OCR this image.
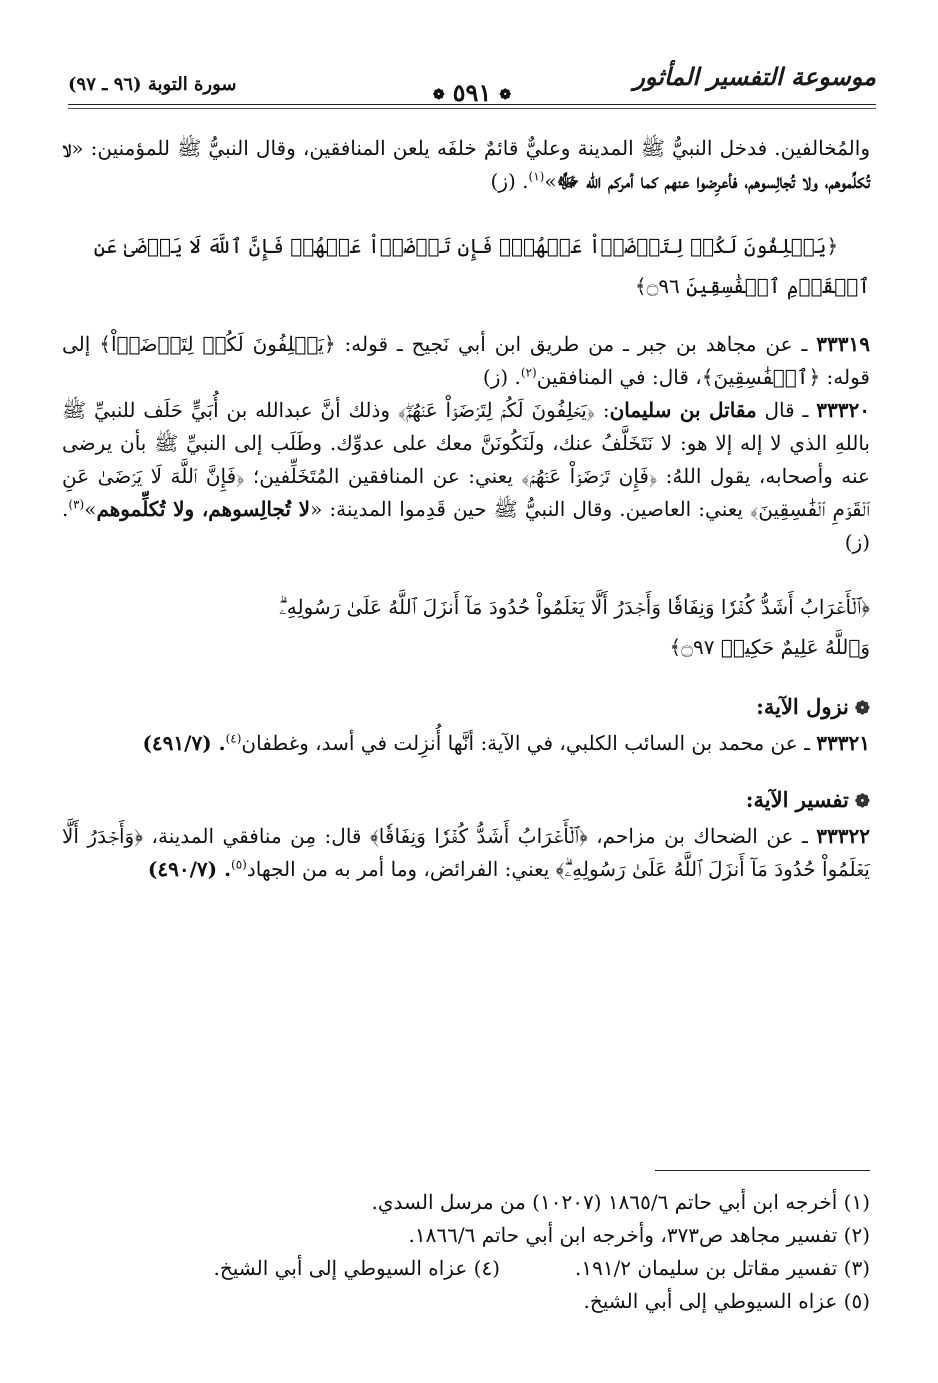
موسوعة التفسير المأثور
❁٥٩١❁
سورة التوبة (٩٦ ـ ٩٧)

والمُخالفين. فدخل النبيُّ ﷺ المدينة وعليٌّ قائمٌ خلفَه يلعن المنافقين، وقال النبيُّ ﷺ للمؤمنين: «لا تُكلِّموهم، ولا تُجالِسوهم، فأعرِضوا عنهم كما أمركم الله ﷻ»$^{(١)}$. (ز)

﴿يَحۡلِفُونَ لَكُمۡ لِتَرۡضَوۡاْ عَنۡهُمۡۖ فَإِن تَرۡضَوۡاْ عَنۡهُمۡ فَإِنَّ ٱللَّهَ لَا يَرۡضَىٰ عَنِ ٱلۡقَوۡمِ ٱلۡفَٰسِقِينَ ۝٩٦﴾

٣٣٣١٩ ـ عن مجاهد بن جبر ـ من طريق ابن أبي نَجيح ـ قوله: ﴿يَحۡلِفُونَ لَكُمۡ لِتَرۡضَوۡاْ﴾ إلى قوله: ﴿ٱلۡفَٰسِقِينَ﴾، قال: في المنافقين$^{(٢)}$. (ز)

٣٣٣٢٠ ـ قال مقاتل بن سليمان: ﴿يَحۡلِفُونَ لَكُمۡ لِتَرۡضَوۡاْ عَنۡهُمۡۖ﴾ وذلك أنَّ عبدالله بن أُبَيٍّ حَلَف للنبيِّ ﷺ باللهِ الذي لا إله إلا هو: لا نَتَخَلَّفُ عنك، ولَنَكُونَنَّ معك على عدوِّك. وطَلَب إلى النبيِّ ﷺ بأن يرضى عنه وأصحابه، يقول اللهُ: ﴿فَإِن تَرۡضَوۡاْ عَنۡهُمۡ﴾ يعني: عن المنافقين المُتَخَلِّفين؛ ﴿فَإِنَّ ٱللَّهَ لَا يَرۡضَىٰ عَنِ ٱلۡقَوۡمِ ٱلۡفَٰسِقِينَ﴾ يعني: العاصين. وقال النبيُّ ﷺ حين قَدِموا المدينة: «لا تُجالِسوهم، ولا تُكلِّموهم»$^{(٣)}$. (ز)

﴿ٱلۡأَعۡرَابُ أَشَدُّ كُفۡرٗا وَنِفَاقٗا وَأَجۡدَرُ أَلَّا يَعۡلَمُواْ حُدُودَ مَآ أَنزَلَ ٱللَّهُ عَلَىٰ رَسُولِهِۦۗ

وَٱللَّهُ عَلِيمٌ حَكِيمٞ ۝٩٧﴾

❁نزول الآية:

٣٣٣٢١ ـ عن محمد بن السائب الكلبي، في الآية: أنَّها أُنزِلت في أسد، وغطفان$^{(٤)}$. (٤٩١/٧)

❁تفسير الآية:

٣٣٣٢٢ ـ عن الضحاك بن مزاحم، ﴿ٱلۡأَعۡرَابُ أَشَدُّ كُفۡرٗا وَنِفَاقٗا﴾ قال: مِن منافقي المدينة، ﴿وَأَجۡدَرُ أَلَّا يَعۡلَمُواْ حُدُودَ مَآ أَنزَلَ ٱللَّهُ عَلَىٰ رَسُولِهِۦۗ﴾ يعني: الفرائض، وما أمر به من الجهاد$^{(٥)}$. (٤٩٠/٧)

(١) أخرجه ابن أبي حاتم ١٨٦٥/٦ (١٠٢٠٧) من مرسل السدي.

(٢) تفسير مجاهد ص٣٧٣، وأخرجه ابن أبي حاتم ١٨٦٦/٦.

(٣) تفسير مقاتل بن سليمان ١٩١/٢.

(٤) عزاه السيوطي إلى أبي الشيخ.

(٥) عزاه السيوطي إلى أبي الشيخ.
